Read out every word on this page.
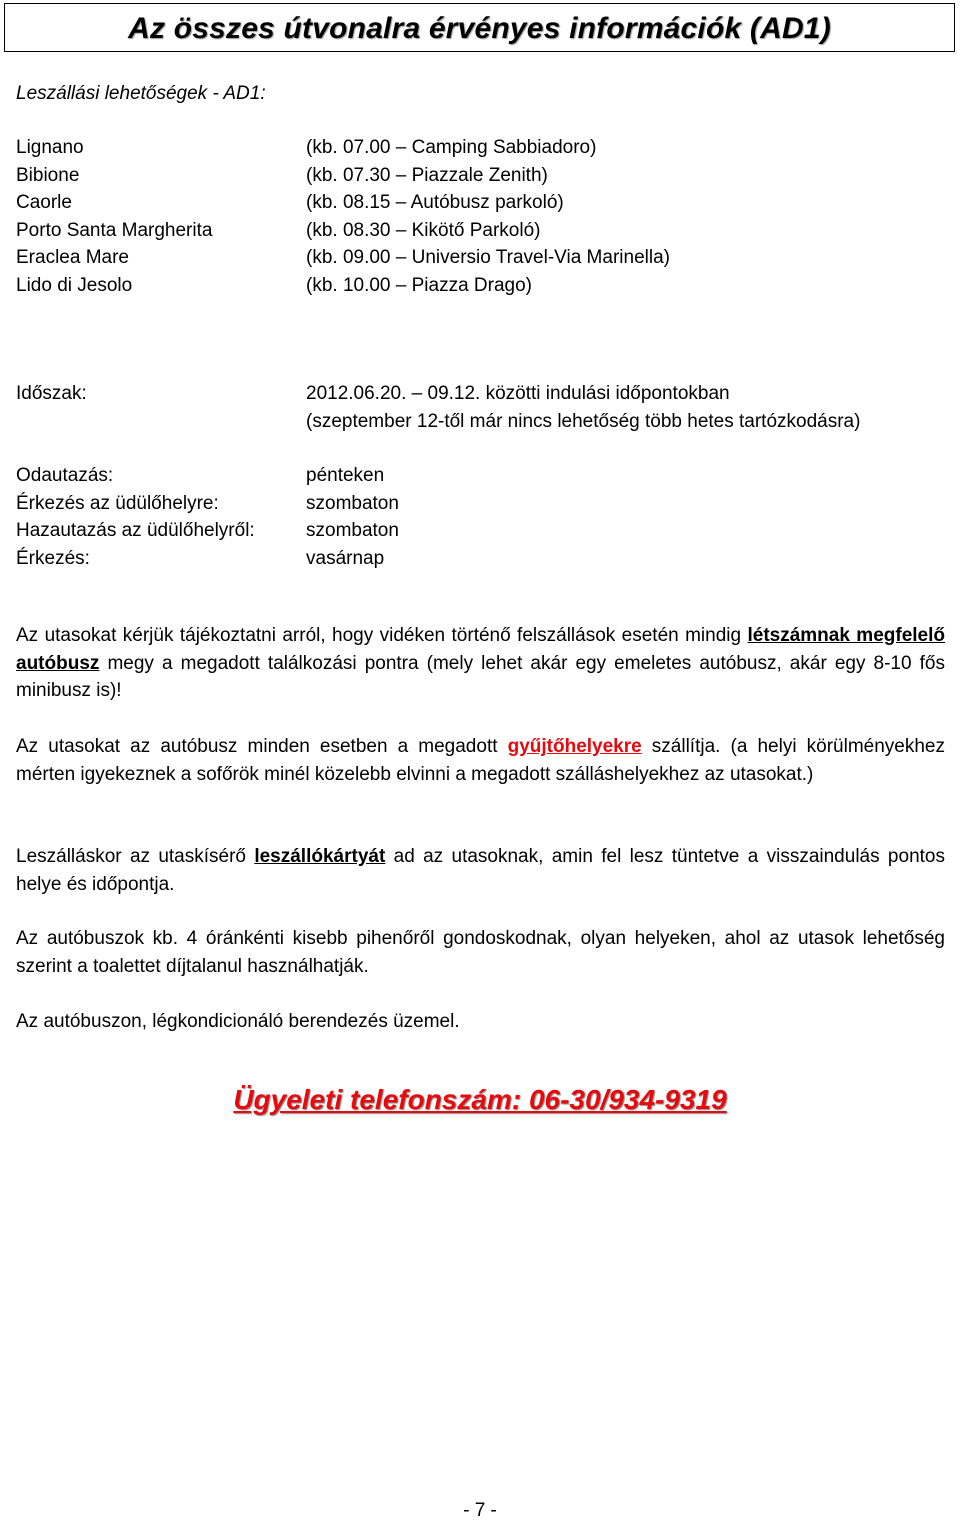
Az összes útvonalra érvényes információk (AD1)
Leszállási lehetőségek - AD1:
Lignano	(kb. 07.00 – Camping Sabbiadoro)
Bibione	(kb. 07.30 – Piazzale Zenith)
Caorle	(kb. 08.15 – Autóbusz parkoló)
Porto Santa Margherita	(kb. 08.30 – Kikötő Parkoló)
Eraclea Mare	(kb. 09.00 – Universio Travel-Via Marinella)
Lido di Jesolo	(kb. 10.00 – Piazza Drago)
Időszak:	2012.06.20. – 09.12. közötti indulási időpontokban
(szeptember 12-től már nincs lehetőség több hetes tartózkodásra)
Odautazás:	pénteken
Érkezés az üdülőhelyre:	szombaton
Hazautazás az üdülőhelyről:	szombaton
Érkezés:	vasárnap

Az utasokat kérjük tájékoztatni arról, hogy vidéken történő felszállások esetén mindig létszámnak megfelelő autóbusz megy a megadott találkozási pontra (mely lehet akár egy emeletes autóbusz, akár egy 8-10 fős minibusz is)!

Az utasokat az autóbusz minden esetben a megadott gyűjtőhelyekre szállítja. (a helyi körülményekhez mérten igyekeznek a sofőrök minél közelebb elvinni a megadott szálláshelyekhez az utasokat.)

Leszálláskor az utaskísérő leszállókártyát ad az utasoknak, amin fel lesz tüntetve a visszaindulás pontos helye és időpontja.

Az autóbuszok kb. 4 óránkénti kisebb pihenőről gondoskodnak, olyan helyeken, ahol az utasok lehetőség szerint a toalettet díjtalanul használhatják.

Az autóbuszon, légkondicionáló berendezés üzemel.

Ügyeleti telefonszám: 06-30/934-9319
- 7 -
